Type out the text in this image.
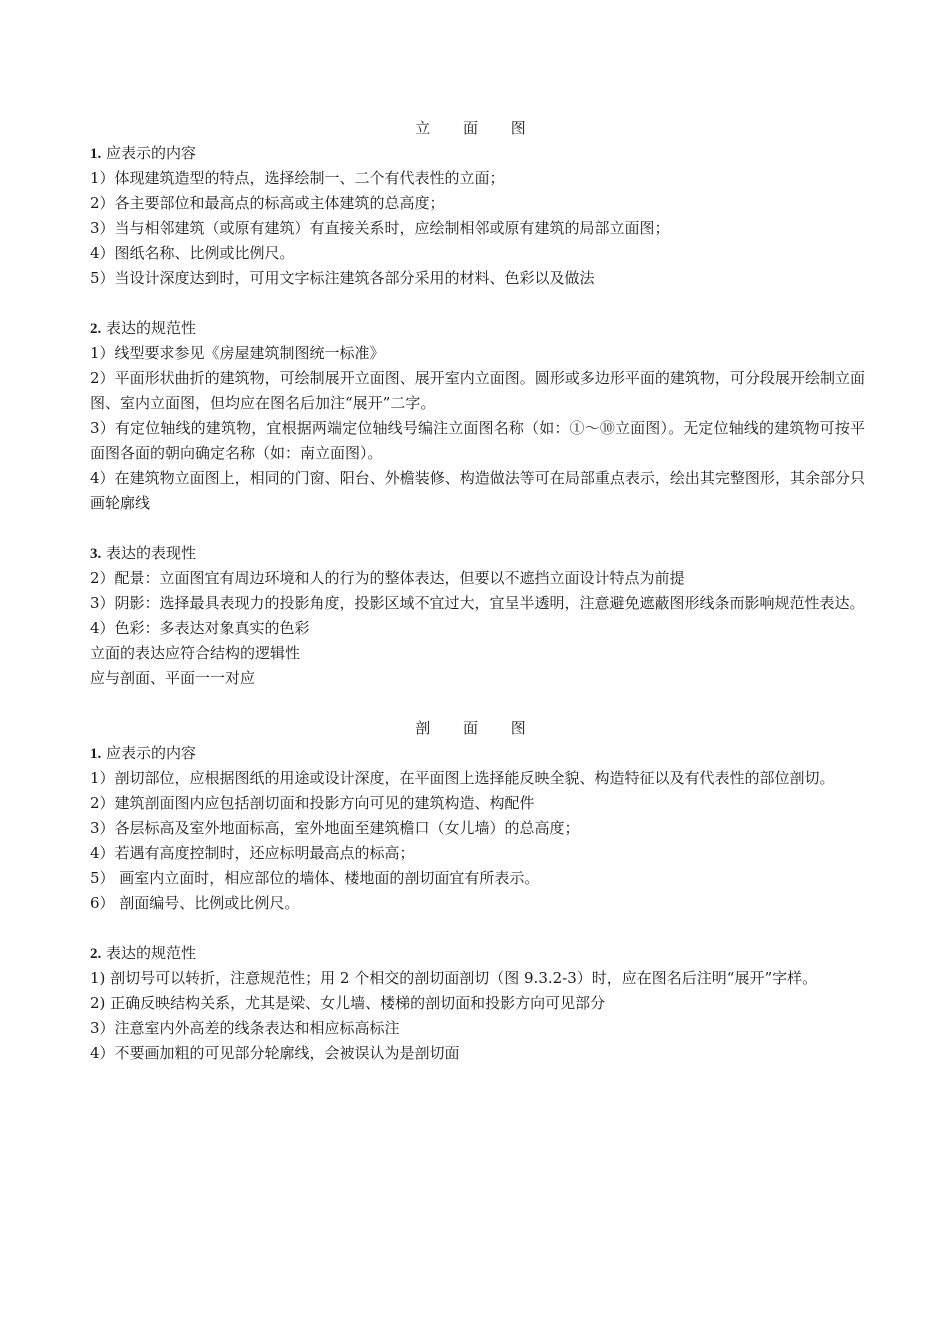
立 面 图

1. 应表示的内容

1）体现建筑造型的特点，选择绘制一、二个有代表性的立面；

2）各主要部位和最高点的标高或主体建筑的总高度；

3）当与相邻建筑（或原有建筑）有直接关系时，应绘制相邻或原有建筑的局部立面图；

4）图纸名称、比例或比例尺。

5）当设计深度达到时，可用文字标注建筑各部分采用的材料、色彩以及做法

2. 表达的规范性

1）线型要求参见《房屋建筑制图统一标准》

2）平面形状曲折的建筑物，可绘制展开立面图、展开室内立面图。圆形或多边形平面的建筑物，可分段展开绘制立面图、室内立面图，但均应在图名后加注“展开”二字。

3）有定位轴线的建筑物，宜根据两端定位轴线号编注立面图名称（如：①～⑩立面图）。无定位轴线的建筑物可按平面图各面的朝向确定名称（如：南立面图）。

4）在建筑物立面图上，相同的门窗、阳台、外檐装修、构造做法等可在局部重点表示，绘出其完整图形，其余部分只画轮廓线

3. 表达的表现性

2）配景：立面图宜有周边环境和人的行为的整体表达，但要以不遮挡立面设计特点为前提

3）阴影：选择最具表现力的投影角度，投影区域不宜过大，宜呈半透明，注意避免遮蔽图形线条而影响规范性表达。

4）色彩：多表达对象真实的色彩

立面的表达应符合结构的逻辑性

应与剖面、平面一一对应

剖 面 图

1. 应表示的内容

1）剖切部位，应根据图纸的用途或设计深度，在平面图上选择能反映全貌、构造特征以及有代表性的部位剖切。

2）建筑剖面图内应包括剖切面和投影方向可见的建筑构造、构配件

3）各层标高及室外地面标高，室外地面至建筑檐口（女儿墙）的总高度；

4）若遇有高度控制时，还应标明最高点的标高；

5） 画室内立面时，相应部位的墙体、楼地面的剖切面宜有所表示。

6） 剖面编号、比例或比例尺。

2. 表达的规范性

1) 剖切号可以转折，注意规范性；用 2 个相交的剖切面剖切（图 9.3.2-3）时，应在图名后注明“展开”字样。

2) 正确反映结构关系，尤其是梁、女儿墙、楼梯的剖切面和投影方向可见部分

3）注意室内外高差的线条表达和相应标高标注

4）不要画加粗的可见部分轮廓线，会被误认为是剖切面
